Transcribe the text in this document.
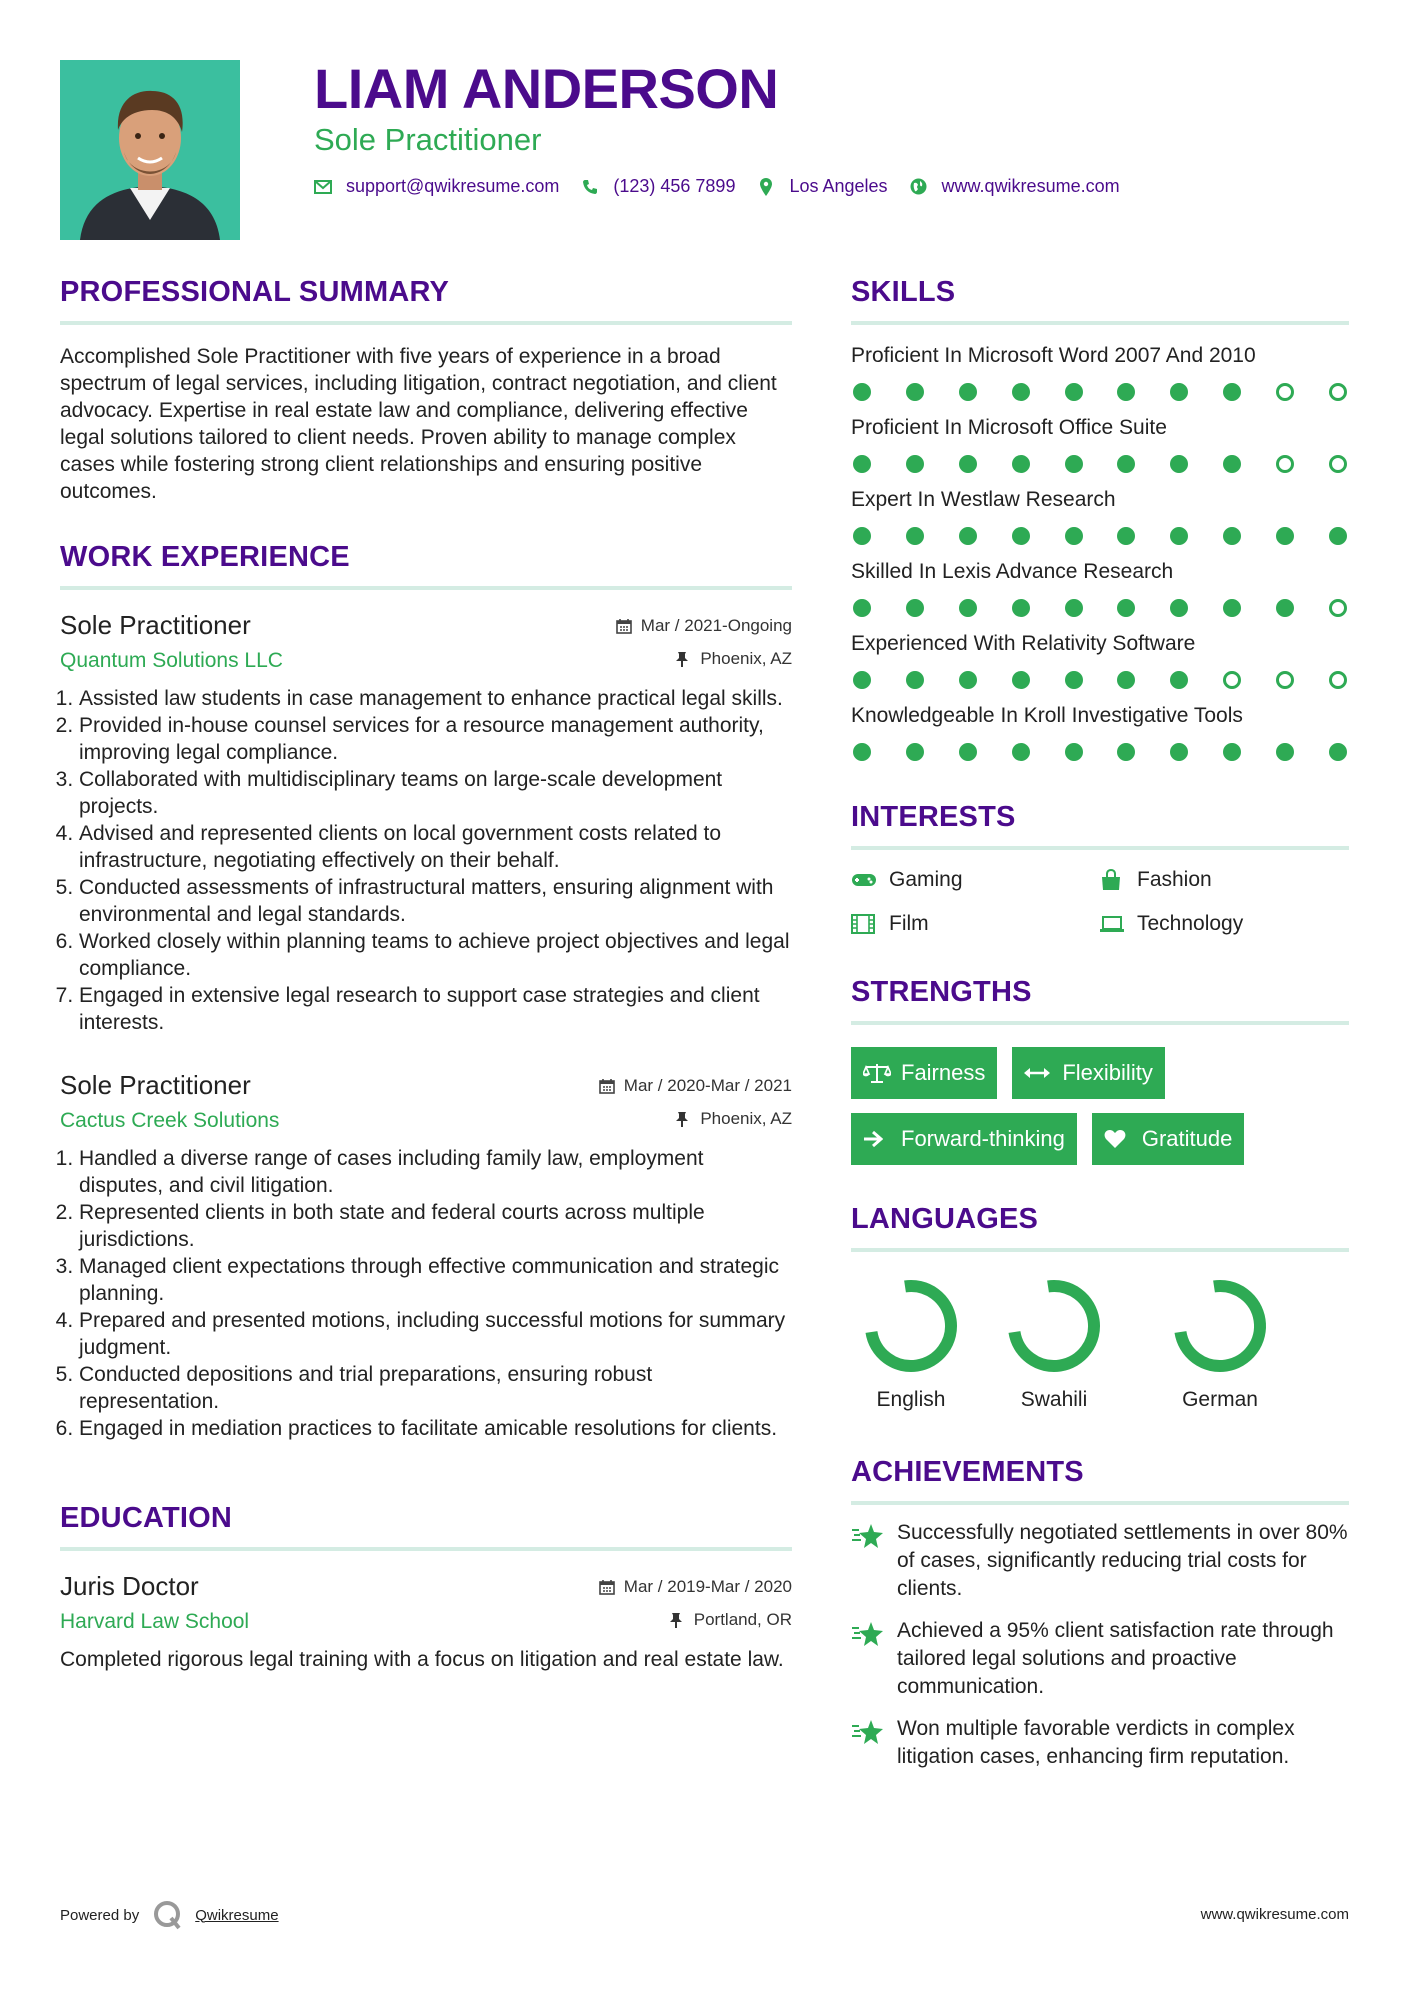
LIAM ANDERSON
Sole Practitioner
support@qwikresume.com	(123) 456 7899	Los Angeles	www.qwikresume.com
PROFESSIONAL SUMMARY

Accomplished Sole Practitioner with five years of experience in a broad spectrum of legal services, including litigation, contract negotiation, and client advocacy. Expertise in real estate law and compliance, delivering effective legal solutions tailored to client needs. Proven ability to manage complex cases while fostering strong client relationships and ensuring positive outcomes.

WORK EXPERIENCE
Sole Practitioner	Mar / 2021-Ongoing
Quantum Solutions LLC	Phoenix, AZ
1. Assisted law students in case management to enhance practical legal skills.
2. Provided in-house counsel services for a resource management authority, improving legal compliance.
3. Collaborated with multidisciplinary teams on large-scale development projects.
4. Advised and represented clients on local government costs related to infrastructure, negotiating effectively on their behalf.
5. Conducted assessments of infrastructural matters, ensuring alignment with environmental and legal standards.
6. Worked closely within planning teams to achieve project objectives and legal compliance.
7. Engaged in extensive legal research to support case strategies and client interests.
Sole Practitioner	Mar / 2020-Mar / 2021
Cactus Creek Solutions	Phoenix, AZ
1. Handled a diverse range of cases including family law, employment disputes, and civil litigation.
2. Represented clients in both state and federal courts across multiple jurisdictions.
3. Managed client expectations through effective communication and strategic planning.
4. Prepared and presented motions, including successful motions for summary judgment.
5. Conducted depositions and trial preparations, ensuring robust representation.
6. Engaged in mediation practices to facilitate amicable resolutions for clients.
EDUCATION
Juris Doctor	Mar / 2019-Mar / 2020
Harvard Law School	Portland, OR

Completed rigorous legal training with a focus on litigation and real estate law.

SKILLS
Proficient In Microsoft Word 2007 And 2010
Proficient In Microsoft Office Suite
Expert In Westlaw Research
Skilled In Lexis Advance Research
Experienced With Relativity Software
Knowledgeable In Kroll Investigative Tools
INTERESTS
Gaming	Fashion
Film	Technology
STRENGTHS
Fairness	Flexibility
Forward-thinking	Gratitude
LANGUAGES
English	Swahili	German
ACHIEVEMENTS
Successfully negotiated settlements in over 80% of cases, significantly reducing trial costs for clients.
Achieved a 95% client satisfaction rate through tailored legal solutions and proactive communication.
Won multiple favorable verdicts in complex litigation cases, enhancing firm reputation.
Powered by	Qwikresume	www.qwikresume.com
